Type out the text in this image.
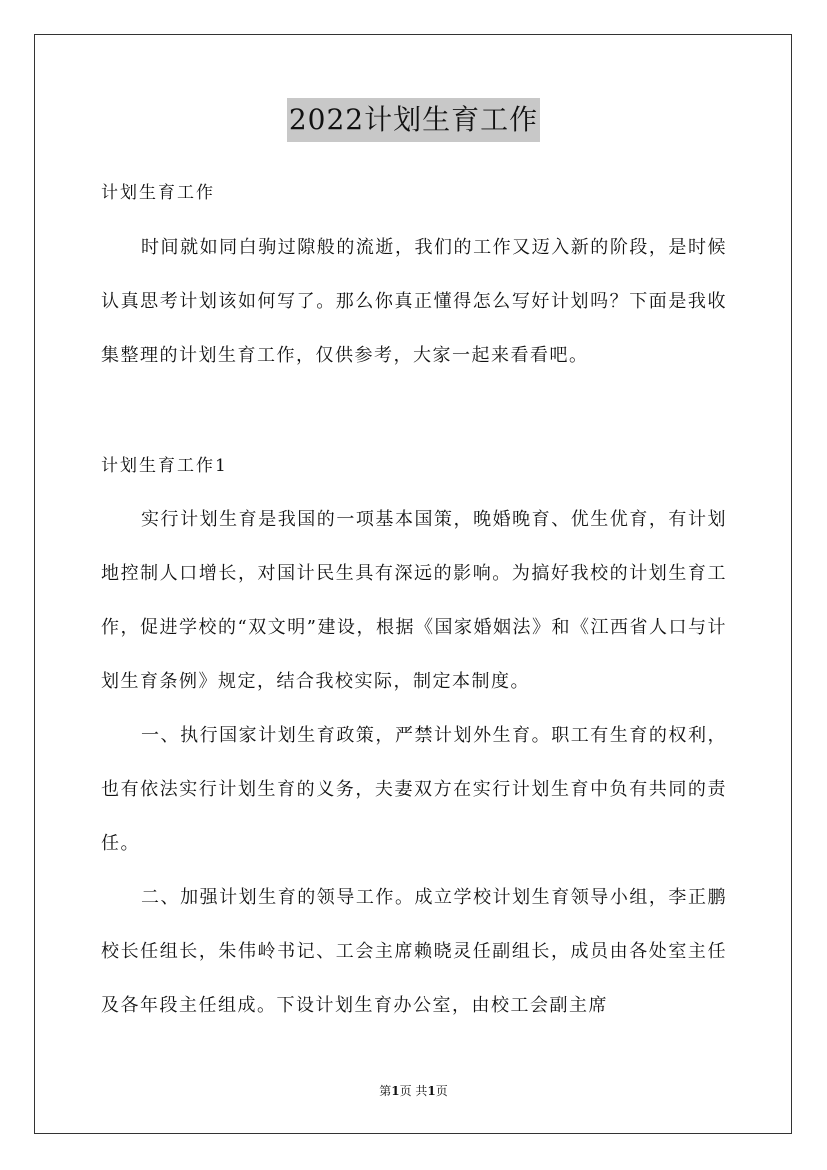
2022计划生育工作
计划生育工作

时间就如同白驹过隙般的流逝，我们的工作又迈入新的阶段，是时候认真思考计划该如何写了。那么你真正懂得怎么写好计划吗？下面是我收集整理的计划生育工作，仅供参考，大家一起来看看吧。

计划生育工作1

实行计划生育是我国的一项基本国策，晚婚晚育、优生优育，有计划地控制人口增长，对国计民生具有深远的影响。为搞好我校的计划生育工作，促进学校的“双文明”建设，根据《国家婚姻法》和《江西省人口与计划生育条例》规定，结合我校实际，制定本制度。

一、执行国家计划生育政策，严禁计划外生育。职工有生育的权利，也有依法实行计划生育的义务，夫妻双方在实行计划生育中负有共同的责任。

二、加强计划生育的领导工作。成立学校计划生育领导小组，李正鹏校长任组长，朱伟岭书记、工会主席赖晓灵任副组长，成员由各处室主任及各年段主任组成。下设计划生育办公室，由校工会副主席

第1页 共1页
